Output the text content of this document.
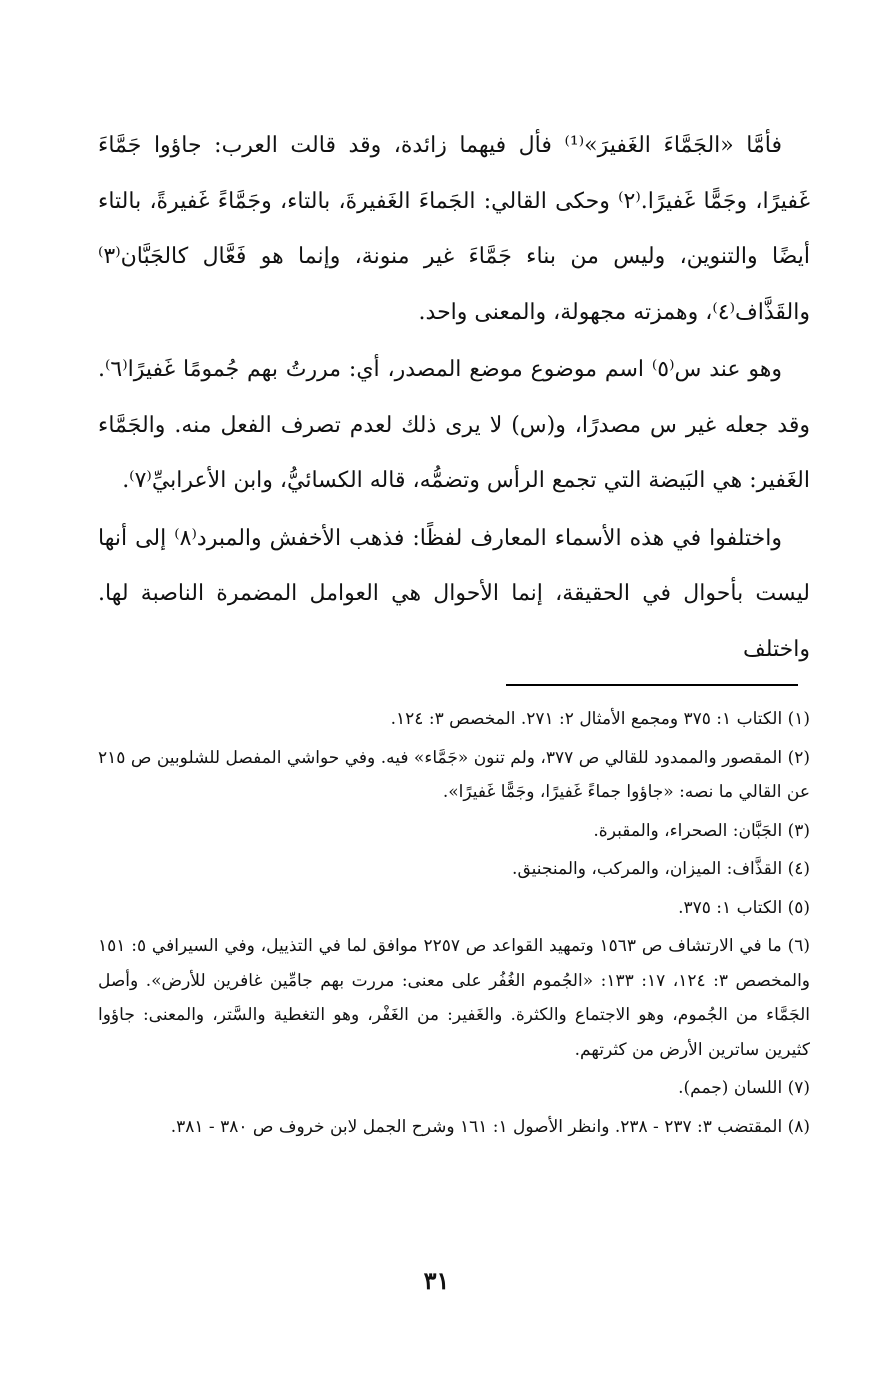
فأمَّا «الجَمَّاءَ الغَفيرَ»⁽¹⁾ فأل فيهما زائدة، وقد قالت العرب: جاؤوا جَمَّاءَ غَفيرًا، وجَمًّا غَفيرًا.⁽٢⁾ وحكى القالي: الجَماءَ الغَفيرةَ، بالتاء، وجَمَّاءً غَفيرةً، بالتاء أيضًا والتنوين، وليس من بناء جَمَّاءَ غير منونة، وإنما هو فَعَّال كالجَبَّان⁽٣⁾ والقَذَّاف⁽٤⁾، وهمزته مجهولة، والمعنى واحد.

وهو عند س⁽٥⁾ اسم موضوع موضع المصدر، أي: مررتُ بهم جُمومًا غَفيرًا⁽٦⁾. وقد جعله غير س مصدرًا، و(س) لا يرى ذلك لعدم تصرف الفعل منه. والجَمَّاء الغَفير: هي البَيضة التي تجمع الرأس وتضمُّه، قاله الكسائيُّ، وابن الأعرابيِّ⁽٧⁾.

واختلفوا في هذه الأسماء المعارف لفظًا: فذهب الأخفش والمبرد⁽٨⁾ إلى أنها ليست بأحوال في الحقيقة، إنما الأحوال هي العوامل المضمرة الناصبة لها. واختلف

(١) الكتاب ١: ٣٧٥ ومجمع الأمثال ٢: ٢٧١. المخصص ٣: ١٢٤.

(٢) المقصور والممدود للقالي ص ٣٧٧، ولم تنون «جَمَّاء» فيه. وفي حواشي المفصل للشلوبين ص ٢١٥ عن القالي ما نصه: «جاؤوا جماءً غَفيرًا، وجَمًّا غَفيرًا».

(٣) الجَبَّان: الصحراء، والمقبرة.

(٤) القذَّاف: الميزان، والمركب، والمنجنيق.

(٥) الكتاب ١: ٣٧٥.

(٦) ما في الارتشاف ص ١٥٦٣ وتمهيد القواعد ص ٢٢٥٧ موافق لما في التذييل، وفي السيرافي ٥: ١٥١ والمخصص ٣: ١٢٤، ١٧: ١٣٣: «الجُموم الغُفُر على معنى: مررت بهم جامِّين غافرين للأرض». وأصل الجَمَّاء من الجُموم، وهو الاجتماع والكثرة. والغَفير: من الغَفْر، وهو التغطية والسَّتر، والمعنى: جاؤوا كثيرين ساترين الأرض من كثرتهم.

(٧) اللسان (جمم).

(٨) المقتضب ٣: ٢٣٧ - ٢٣٨. وانظر الأصول ١: ١٦١ وشرح الجمل لابن خروف ص ٣٨٠ - ٣٨١.

٣١
